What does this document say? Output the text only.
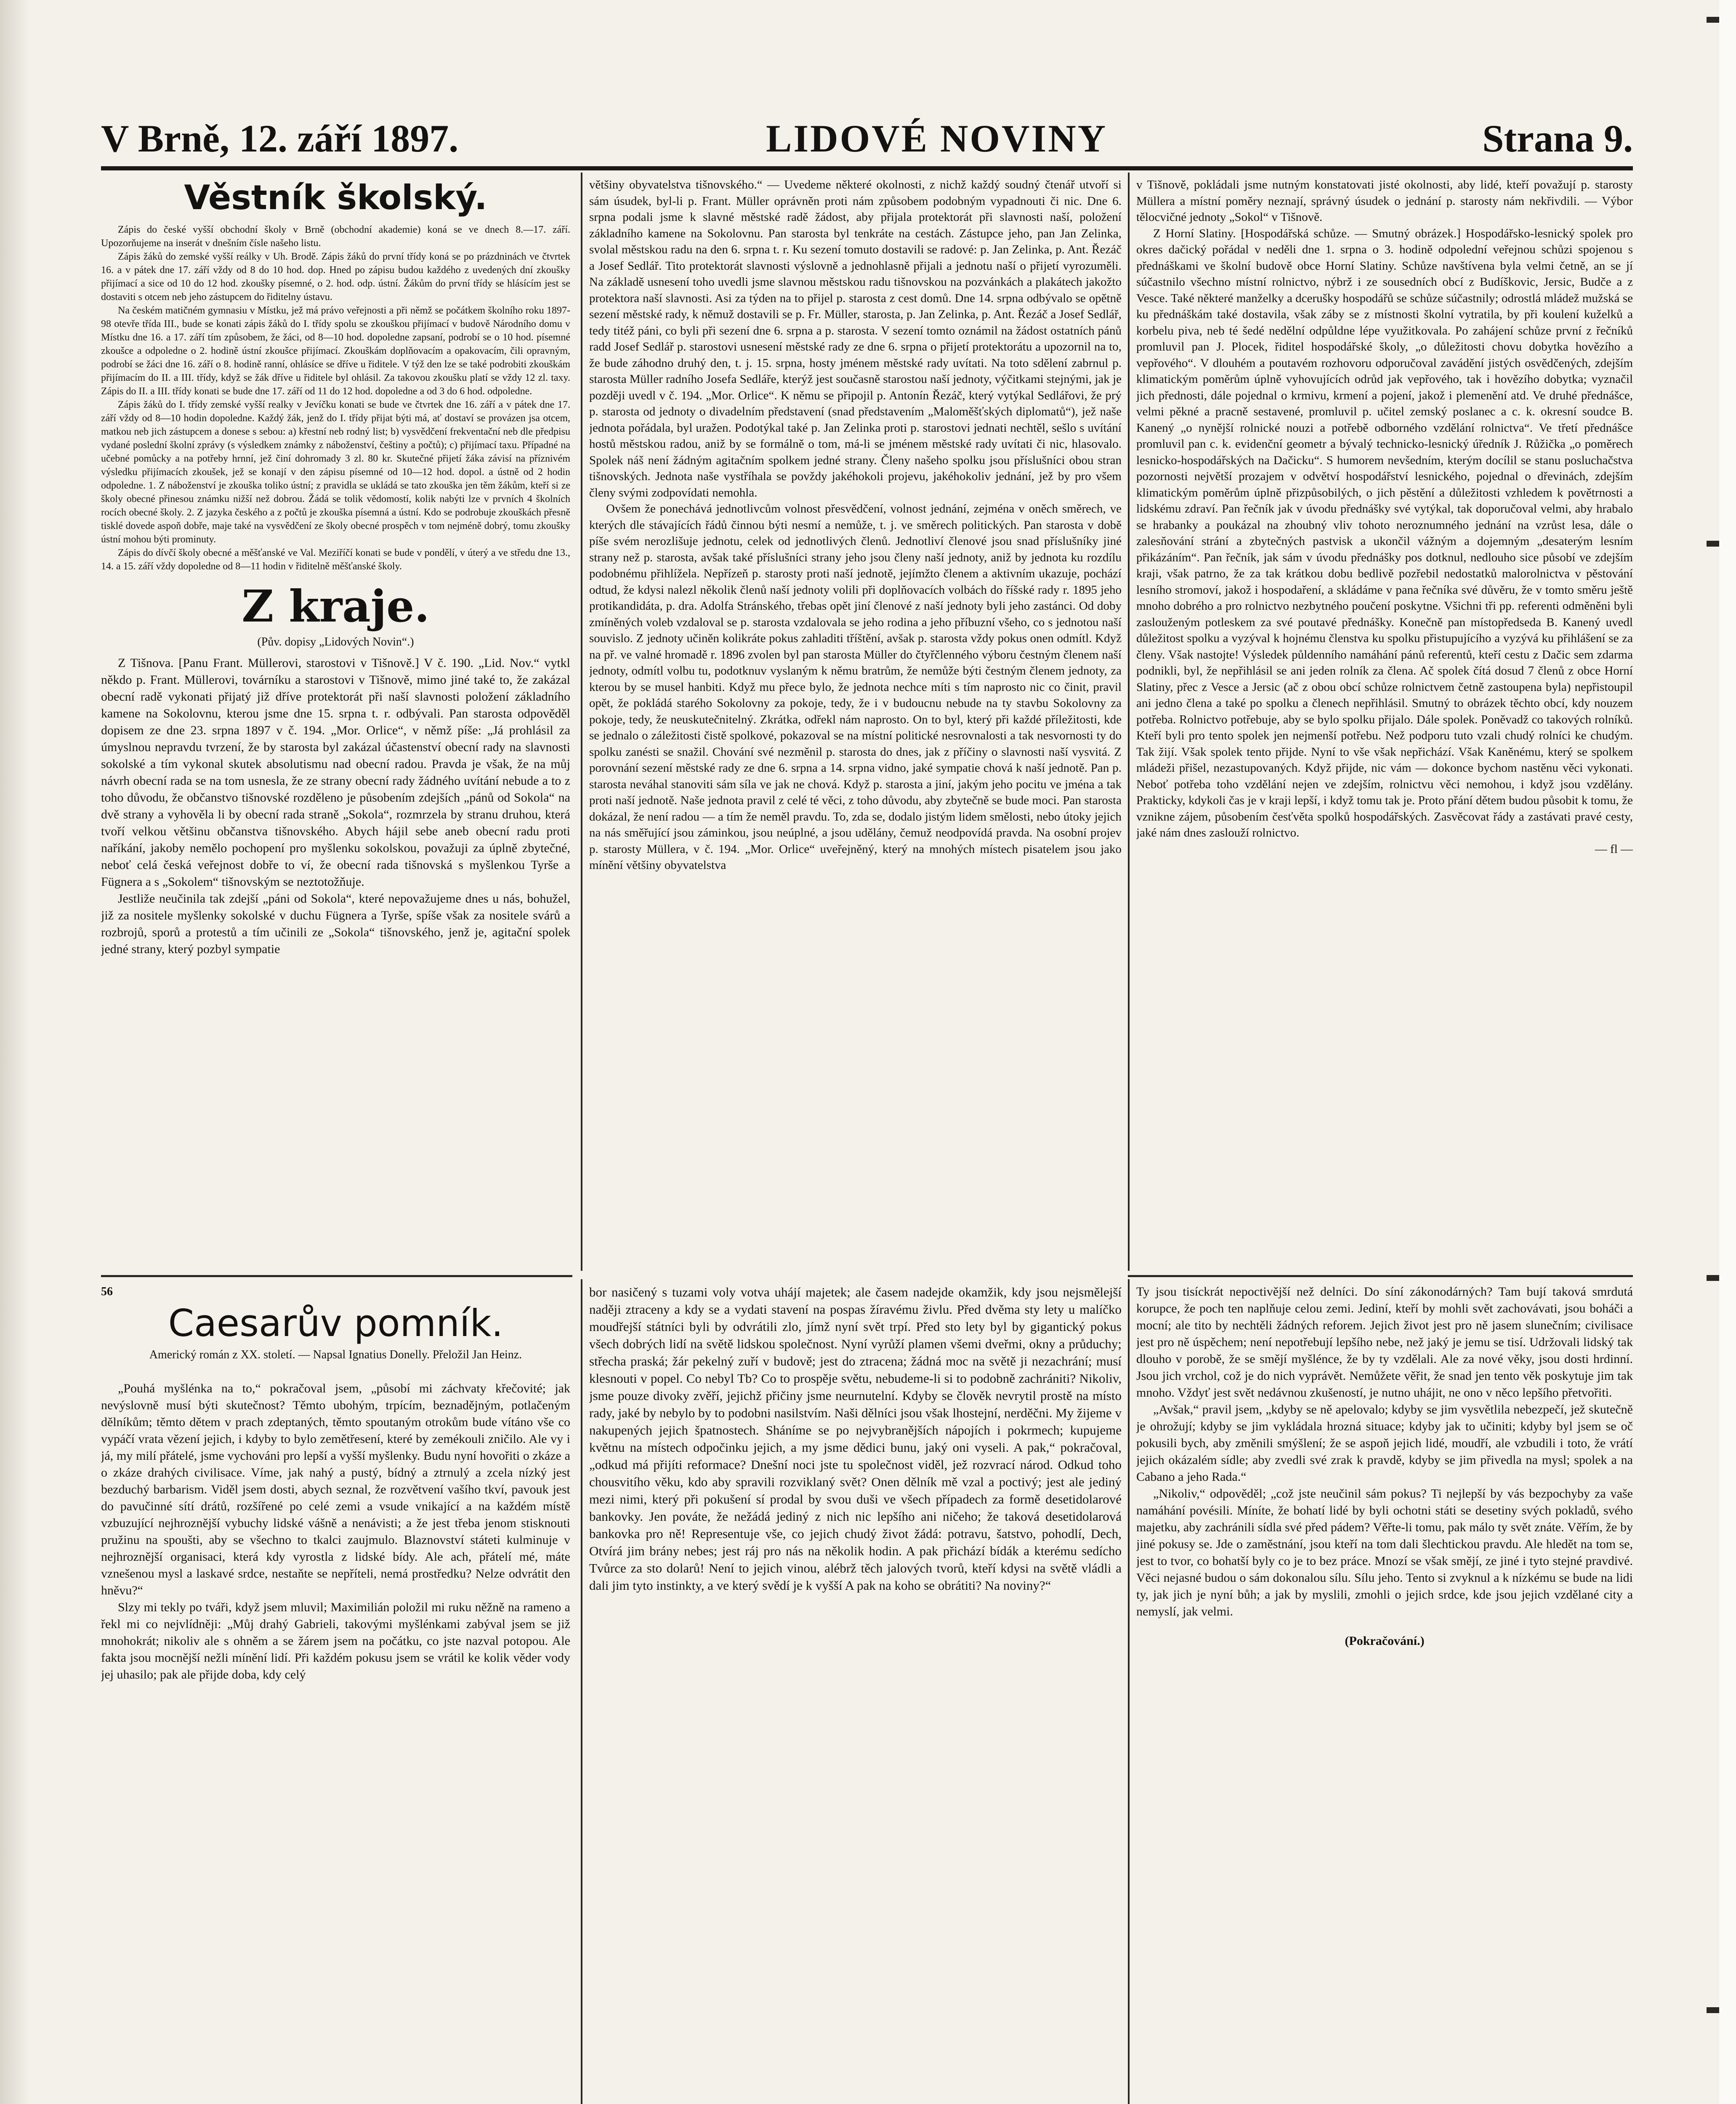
V Brně, 12. září 1897.	LIDOVÉ NOVINY	Strana 9.
Věstník školský.

Zápis do české vyšší obchodní školy v Brně (obchodní akademie) koná se ve dnech 8.—17. září. Upozorňujeme na inserát v dnešním čísle našeho listu.

Zápis žáků do zemské vyšší reálky v Uh. Brodě. Zápis žáků do první třídy koná se po prázdninách ve čtvrtek 16. a v pátek dne 17. září vždy od 8 do 10 hod. dop. Hned po zápisu budou každého z uvedených dní zkoušky přijímací a sice od 10 do 12 hod. zkoušky písemné, o 2. hod. odp. ústní. Žákům do první třídy se hlásícím jest se dostaviti s otcem neb jeho zástupcem do řiditelny ústavu.

Na českém matičném gymnasiu v Místku, jež má právo veřejnosti a při němž se počátkem školního roku 1897-98 otevře třída III., bude se konati zápis žáků do I. třídy spolu se zkouškou přijímací v budově Národního domu v Místku dne 16. a 17. září tím způsobem, že žáci, od 8—10 hod. dopoledne zapsaní, podrobí se o 10 hod. písemné zkoušce a odpoledne o 2. hodině ústní zkoušce přijímací. Zkouškám doplňovacím a opakovacím, čili opravným, podrobí se žáci dne 16. září o 8. hodině ranní, ohlásíce se dříve u řiditele. V týž den lze se také podrobiti zkouškám přijímacím do II. a III. třídy, když se žák dříve u řiditele byl ohlásil. Za takovou zkoušku platí se vždy 12 zl. taxy. Zápis do II. a III. třídy konati se bude dne 17. září od 11 do 12 hod. dopoledne a od 3 do 6 hod. odpoledne.

Zápis žáků do I. třídy zemské vyšší realky v Jevíčku konati se bude ve čtvrtek dne 16. září a v pátek dne 17. září vždy od 8—10 hodin dopoledne. Každý žák, jenž do I. třídy přijat býti má, ať dostaví se provázen jsa otcem, matkou neb jich zástupcem a donese s sebou: a) křestní neb rodný list; b) vysvědčení frekventační neb dle předpisu vydané poslední školní zprávy (s výsledkem známky z náboženství, češtiny a počtů); c) přijímací taxu. Případné na učebné pomůcky a na potřeby hrnní, jež činí dohromady 3 zl. 80 kr. Skutečné přijetí žáka závisí na příznivém výsledku přijímacích zkoušek, jež se konají v den zápisu písemné od 10—12 hod. dopol. a ústně od 2 hodin odpoledne. 1. Z náboženství je zkouška toliko ústní; z pravidla se ukládá se tato zkouška jen těm žákům, kteří si ze školy obecné přinesou známku nižší než dobrou. Žádá se tolik vědomostí, kolik nabýti lze v prvních 4 školních rocích obecné školy. 2. Z jazyka českého a z počtů je zkouška písemná a ústní. Kdo se podrobuje zkouškách přesně tisklé dovede aspoň dobře, maje také na vysvědčení ze školy obecné prospěch v tom nejméně dobrý, tomu zkoušky ústní mohou býti prominuty.

Zápis do dívčí školy obecné a měšťanské ve Val. Meziříčí konati se bude v pondělí, v úterý a ve středu dne 13., 14. a 15. září vždy dopoledne od 8—11 hodin v řiditelně měšťanské školy.

Z kraje.
(Pův. dopisy „Lidových Novin“.)

Z Tišnova. [Panu Frant. Müllerovi, starostovi v Tišnově.] V č. 190. „Lid. Nov.“ vytkl někdo p. Frant. Müllerovi, továrníku a starostovi v Tišnově, mimo jiné také to, že zakázal obecní radě vykonati přijatý již dříve protektorát při naší slavnosti položení základního kamene na Sokolovnu, kterou jsme dne 15. srpna t. r. odbývali. Pan starosta odpověděl dopisem ze dne 23. srpna 1897 v č. 194. „Mor. Orlice“, v němž píše: „Já prohlásil za úmyslnou nepravdu tvrzení, že by starosta byl zakázal účastenství obecní rady na slavnosti sokolské a tím vykonal skutek absolutismu nad obecní radou. Pravda je však, že na můj návrh obecní rada se na tom usnesla, že ze strany obecní rady žádného uvítání nebude a to z toho důvodu, že občanstvo tišnovské rozděleno je působením zdejších „pánů od Sokola“ na dvě strany a vyhověla li by obecní rada straně „Sokola“, rozmrzela by stranu druhou, která tvoří velkou většinu občanstva tišnovského. Abych hájil sebe aneb obecní radu proti naříkání, jakoby nemělo pochopení pro myšlenku sokolskou, považuji za úplně zbytečné, neboť celá česká veřejnost dobře to ví, že obecní rada tišnovská s myšlenkou Tyrše a Fügnera a s „Sokolem“ tišnovským se neztotožňuje.

Jestliže neučinila tak zdejší „páni od Sokola“, které nepovažujeme dnes u nás, bohužel, již za nositele myšlenky sokolské v duchu Fügnera a Tyrše, spíše však za nositele svárů a rozbrojů, sporů a protestů a tím učinili ze „Sokola“ tišnovského, jenž je, agitační spolek jedné strany, který pozbyl sympatie

většiny obyvatelstva tišnovského.“ — Uvedeme některé okolnosti, z nichž každý soudný čtenář utvoří si sám úsudek, byl-li p. Frant. Müller oprávněn proti nám způsobem podobným vypadnouti či nic. Dne 6. srpna podali jsme k slavné městské radě žádost, aby přijala protektorát při slavnosti naší, položení základního kamene na Sokolovnu. Pan starosta byl tenkráte na cestách. Zástupce jeho, pan Jan Zelinka, svolal městskou radu na den 6. srpna t. r. Ku sezení tomuto dostavili se radové: p. Jan Zelinka, p. Ant. Řezáč a Josef Sedlář. Tito protektorát slavnosti výslovně a jednohlasně přijali a jednotu naší o přijetí vyrozuměli. Na základě usnesení toho uvedli jsme slavnou městskou radu tišnovskou na pozvánkách a plakátech jakožto protektora naší slavnosti. Asi za týden na to přijel p. starosta z cest domů. Dne 14. srpna odbývalo se opětně sezení městské rady, k němuž dostavili se p. Fr. Müller, starosta, p. Jan Zelinka, p. Ant. Řezáč a Josef Sedlář, tedy titéž páni, co byli při sezení dne 6. srpna a p. starosta. V sezení tomto oznámil na žádost ostatních pánů radd Josef Sedlář p. starostovi usnesení městské rady ze dne 6. srpna o přijetí protektorátu a upozornil na to, že bude záhodno druhý den, t. j. 15. srpna, hosty jménem městské rady uvítati. Na toto sdělení zabrnul p. starosta Müller radního Josefa Sedláře, kterýž jest současně starostou naší jednoty, výčitkami stejnými, jak je později uvedl v č. 194. „Mor. Orlice“. K němu se připojil p. Antonín Řezáč, který vytýkal Sedlářovi, že prý p. starosta od jednoty o divadelním představení (snad představením „Maloměšťských diplomatů“), jež naše jednota pořádala, byl uražen. Podotýkal také p. Jan Zelinka proti p. starostovi jednati nechtěl, sešlo s uvítání hostů městskou radou, aniž by se formálně o tom, má-li se jménem městské rady uvítati či nic, hlasovalo. Spolek náš není žádným agitačním spolkem jedné strany. Členy našeho spolku jsou příslušníci obou stran tišnovských. Jednota naše vystříhala se povždy jakéhokoli projevu, jakéhokoliv jednání, jež by pro všem členy svými zodpovídati nemohla.

Ovšem že ponechává jednotlivcům volnost přesvědčení, volnost jednání, zejména v oněch směrech, ve kterých dle stávajících řádů činnou býti nesmí a nemůže, t. j. ve směrech politických. Pan starosta v době píše svém nerozlišuje jednotu, celek od jednotlivých členů. Jednotliví členové jsou snad příslušníky jiné strany než p. starosta, avšak také příslušníci strany jeho jsou členy naší jednoty, aniž by jednota ku rozdílu podobnému přihlížela. Nepřízeň p. starosty proti naší jednotě, jejímžto členem a aktivním ukazuje, pochází odtud, že kdysi nalezl několik členů naší jednoty volili při doplňovacích volbách do říšské rady r. 1895 jeho protikandidáta, p. dra. Adolfa Stránského, třebas opět jiní členové z naší jednoty byli jeho zastánci. Od doby zmíněných voleb vzdaloval se p. starosta vzdalovala se jeho rodina a jeho příbuzní všeho, co s jednotou naší souvislo. Z jednoty učiněn kolikráte pokus zahladiti tříštění, avšak p. starosta vždy pokus onen odmítl. Když na př. ve valné hromadě r. 1896 zvolen byl pan starosta Müller do čtyřčlenného výboru čestným členem naší jednoty, odmítl volbu tu, podotknuv vyslaným k němu bratrům, že nemůže býti čestným členem jednoty, za kterou by se musel hanbiti. Když mu přece bylo, že jednota nechce míti s tím naprosto nic co činit, pravil opět, že pokládá starého Sokolovny za pokoje, tedy, že i v budoucnu nebude na ty stavbu Sokolovny za pokoje, tedy, že neuskutečnitelný. Zkrátka, odřekl nám naprosto. On to byl, který při každé příležitosti, kde se jednalo o záležitosti čistě spolkové, pokazoval se na místní politické nesrovnalosti a tak nesvornosti ty do spolku zanésti se snažil. Chování své nezměnil p. starosta do dnes, jak z příčiny o slavnosti naší vysvitá. Z porovnání sezení městské rady ze dne 6. srpna a 14. srpna vidno, jaké sympatie chová k naší jednotě. Pan p. starosta neváhal stanoviti sám síla ve jak ne chová. Když p. starosta a jiní, jakým jeho pocitu ve jména a tak proti naší jednotě. Naše jednota pravil z celé té věci, z toho důvodu, aby zbytečně se bude moci. Pan starosta dokázal, že není radou — a tím že neměl pravdu. To, zda se, dodalo jistým lidem smělosti, nebo útoky jejich na nás směřující jsou záminkou, jsou neúplné, a jsou udělány, čemuž neodpovídá pravda. Na osobní projev p. starosty Müllera, v č. 194. „Mor. Orlice“ uveřejněný, který na mnohých místech pisatelem jsou jako mínění většiny obyvatelstva

v Tišnově, pokládali jsme nutným konstatovati jisté okolnosti, aby lidé, kteří považují p. starosty Müllera a místní poměry neznají, správný úsudek o jednání p. starosty nám nekřivdili. — Výbor tělocvičné jednoty „Sokol“ v Tišnově.

Z Horní Slatiny. [Hospodářská schůze. — Smutný obrázek.] Hospodářsko-lesnický spolek pro okres dačický pořádal v neděli dne 1. srpna o 3. hodině odpolední veřejnou schůzi spojenou s přednáškami ve školní budově obce Horní Slatiny. Schůze navštívena byla velmi četně, an se jí súčastnilo všechno místní rolnictvo, nýbrž i ze sousedních obcí z Budíškovic, Jersic, Budče a z Vesce. Také některé manželky a dcerušky hospodářů se schůze súčastnily; odrostlá mládež mužská se ku přednáškám také dostavila, však záby se z místnosti školní vytratila, by při koulení kuželků a korbelu piva, neb té šedé nedělní odpůldne lépe využitkovala. Po zahájení schůze první z řečníků promluvil pan J. Plocek, řiditel hospodářské školy, „o důležitosti chovu dobytka hovězího a vepřového“. V dlouhém a poutavém rozhovoru odporučoval zavádění jistých osvědčených, zdejším klimatickým poměrům úplně vyhovujících odrůd jak vepřového, tak i hovězího dobytka; vyznačil jich přednosti, dále pojednal o krmivu, krmení a pojení, jakož i plemenění atd. Ve druhé přednášce, velmi pěkné a pracně sestavené, promluvil p. učitel zemský poslanec a c. k. okresní soudce B. Kanený „o nynější rolnické nouzi a potřebě odborného vzdělání rolnictva“. Ve třetí přednášce promluvil pan c. k. evidenční geometr a bývalý technicko-lesnický úředník J. Růžička „o poměrech lesnicko-hospodářských na Dačicku“. S humorem nevšedním, kterým docílil se stanu posluchačstva pozornosti největší prozajem v odvětví hospodářství lesnického, pojednal o dřevinách, zdejším klimatickým poměrům úplně přizpůsobilých, o jich pěstění a důležitosti vzhledem k povětrnosti a lidskému zdraví. Pan řečník jak v úvodu přednášky své vytýkal, tak doporučoval velmi, aby hrabalo se hrabanky a poukázal na zhoubný vliv tohoto neroznumného jednání na vzrůst lesa, dále o zalesňování strání a zbytečných pastvisk a ukončil vážným a dojemným „desaterým lesním přikázáním“. Pan řečník, jak sám v úvodu přednášky pos dotknul, nedlouho sice působí ve zdejším kraji, však patrno, že za tak krátkou dobu bedlivě pozřebil nedostatků malorolnictva v pěstování lesního stromoví, jakož i hospodaření, a skládáme v pana řečníka své důvěru, že v tomto směru ještě mnoho dobrého a pro rolnictvo nezbytného poučení poskytne. Všichni tři pp. referenti odměněni byli zaslouženým potleskem za své poutavé přednášky. Konečně pan místopředseda B. Kanený uvedl důležitost spolku a vyzýval k hojnému členstva ku spolku přistupujícího a vyzývá ku přihlášení se za členy. Však nastojte! Výsledek půldenního namáhání pánů referentů, kteří cestu z Dačic sem zdarma podnikli, byl, že nepřihlásil se ani jeden rolník za člena. Ač spolek čítá dosud 7 členů z obce Horní Slatiny, přec z Vesce a Jersic (ač z obou obcí schůze rolnictvem četně zastoupena byla) nepřistoupil ani jedno člena a také po spolku a členech nepřihlásil. Smutný to obrázek těchto obcí, kdy nouzem potřeba. Rolnictvo potřebuje, aby se bylo spolku přijalo. Dále spolek. Poněvadž co takových rolníků. Kteří byli pro tento spolek jen nejmenší potřebu. Než podporu tuto vzali chudý rolníci ke chudým. Tak žijí. Však spolek tento přijde. Nyní to vše však nepřichází. Však Kaněnému, který se spolkem mládeži přišel, nezastupovaných. Když přijde, nic vám — dokonce bychom nastěnu věci vykonati. Neboť potřeba toho vzdělání nejen ve zdejším, rolnictvu věci nemohou, i když jsou vzdělány. Prakticky, kdykoli čas je v kraji lepší, i když tomu tak je. Proto přání dětem budou působit k tomu, že vznikne zájem, působením česťvěta spolků hospodářských. Zasvěcovat řády a zastávati pravé cesty, jaké nám dnes zaslouží rolnictvo.

— fl —

56
Caesarův pomník.
Americký román z XX. století. — Napsal Ignatius Donelly. Přeložil Jan Heinz.

„Pouhá myšlénka na to,“ pokračoval jsem, „působí mi záchvaty křečovité; jak nevýslovně musí býti skutečnost? Těmto ubohým, trpícím, beznadějným, potlačeným dělníkům; těmto dětem v prach zdeptaných, těmto spoutaným otrokům bude vítáno vše co vypáčí vrata vězení jejich, i kdyby to bylo zemětřesení, které by zemékouli zničilo. Ale vy i já, my milí přátelé, jsme vychováni pro lepší a vyšší myšlenky. Budu nyní hovořiti o zkáze a o zkáze drahých civilisace. Víme, jak nahý a pustý, bídný a ztrnulý a zcela nízký jest bezduchý barbarism. Viděl jsem dosti, abych seznal, že rozvětvení vašího tkví, pavouk jest do pavučinné sítí drátů, rozšířené po celé zemi a vsude vnikající a na každém místě vzbuzující nejhroznější vybuchy lidské vášně a nenávisti; a že jest třeba jenom stisknouti pružinu na spoušti, aby se všechno to tkalci zaujmulo. Blaznovství státeti kulminuje v nejhroznější organisaci, která kdy vyrostla z lidské bídy. Ale ach, přátelí mé, máte vznešenou mysl a laskavé srdce, nestaňte se nepříteli, nemá prostředku? Nelze odvrátit den hněvu?“

Slzy mi tekly po tváři, když jsem mluvil; Maximilián položil mi ruku něžně na rameno a řekl mi co nejvlídněji: „Můj drahý Gabrieli, takovými myšlénkami zabýval jsem se již mnohokrát; nikoliv ale s ohněm a se žárem jsem na počátku, co jste nazval potopou. Ale fakta jsou mocnější nežli mínění lidí. Při každém pokusu jsem se vrátil ke kolik věder vody jej uhasilo; pak ale přijde doba, kdy celý

bor nasičený s tuzami voly votva uhájí majetek; ale časem nadejde okamžik, kdy jsou nejsmělejší naději ztraceny a kdy se a vydati stavení na pospas žíravému živlu. Před dvěma sty lety u malíčko moudřejší státníci byli by odvrátili zlo, jímž nyní svět trpí. Před sto lety byl by gigantický pokus všech dobrých lidí na světě lidskou společnost. Nyní vyrůží plamen všemi dveřmi, okny a průduchy; střecha praská; žár pekelný zuří v budově; jest do ztracena; žádná moc na světě ji nezachrání; musí klesnouti v popel. Co nebyl Tb? Co to prospěje světu, nebudeme-li si to podobně zachrániti? Nikoliv, jsme pouze divoky zvěří, jejichž přičiny jsme neurnutelní. Kdyby se člověk nevrytil prostě na místo rady, jaké by nebylo by to podobni nasilstvím. Naši dělníci jsou však lhostejní, nerděčni. My žijeme v nakupených jejich špatnostech. Sháníme se po nejvybranějších nápojích i pokrmech; kupujeme květnu na místech odpočinku jejich, a my jsme dědici bunu, jaký oni vyseli. A pak,“ pokračoval, „odkud má přijíti reformace? Dnešní noci jste tu společnost viděl, jež rozvrací národ. Odkud toho chousvitího věku, kdo aby spravili rozviklaný svět? Onen dělník mě vzal a poctivý; jest ale jediný mezi nimi, který při pokušení sí prodal by svou duši ve všech případech za formě desetidolarové bankovky. Jen pováte, že nežádá jediný z nich nic lepšího ani ničeho; že taková desetidolarová bankovka pro ně! Representuje vše, co jejich chudý život žádá: potravu, šatstvo, pohodlí, Dech, Otvírá jim brány nebes; jest ráj pro nás na několik hodin. A pak přichází bídák a kterému sedícho Tvůrce za sto dolarů! Není to jejich vinou, alébrž těch jalových tvorů, kteří kdysi na světě vládli a dali jim tyto instinkty, a ve který svědí je k vyšší A pak na koho se obrátiti? Na noviny?“

Ty jsou tisíckrát nepoctivější než delníci. Do síní zákonodárných? Tam bují taková smrdutá korupce, že poch ten naplňuje celou zemi. Jediní, kteří by mohli svět zachovávati, jsou boháči a mocní; ale tito by nechtěli žádných reforem. Jejich život jest pro ně jasem slunečním; civilisace jest pro ně úspěchem; není nepotřebují lepšího nebe, než jaký je jemu se tisí. Udržovali lidský tak dlouho v porobě, že se smějí myšlénce, že by ty vzdělali. Ale za nové věky, jsou dosti hrdinní. Jsou jich vrchol, což je do nich vyprávět. Nemůžete věřit, že snad jen tento věk poskytuje jim tak mnoho. Vždyť jest svět nedávnou zkušeností, je nutno uhájit, ne ono v něco lepšího přetvořiti.

„Avšak,“ pravil jsem, „kdyby se ně apelovalo; kdyby se jim vysvětlila nebezpečí, jež skutečně je ohrožují; kdyby se jim vykládala hrozná situace; kdyby jak to učiniti; kdyby byl jsem se oč pokusili bych, aby změnili smýšlení; že se aspoň jejich lidé, moudří, ale vzbudili i toto, že vrátí jejich okázalém sídle; aby zvedli své zrak k pravdě, kdyby se jim přivedla na mysl; spolek a na Cabano a jeho Rada.“

„Nikoliv,“ odpověděl; „což jste neučinil sám pokus? Ti nejlepší by vás bezpochyby za vaše namáhání povésili. Míníte, že bohatí lidé by byli ochotni státi se desetiny svých pokladů, svého majetku, aby zachránili sídla své před pádem? Věřte-li tomu, pak málo ty svět znáte. Věřím, že by jiné pokusy se. Jde o zaměstnání, jsou kteří na tom dali šlechtickou pravdu. Ale hledět na tom se, jest to tvor, co bohatší byly co je to bez práce. Mnozí se však smějí, ze jiné i tyto stejné pravdivé. Věci nejasné budou o sám dokonalou sílu. Sílu jeho. Tento si zvyknul a k nízkému se bude na lidi ty, jak jich je nyní bůh; a jak by myslili, zmohli o jejich srdce, kde jsou jejich vzdělané city a nemyslí, jak velmi.

(Pokračování.)
